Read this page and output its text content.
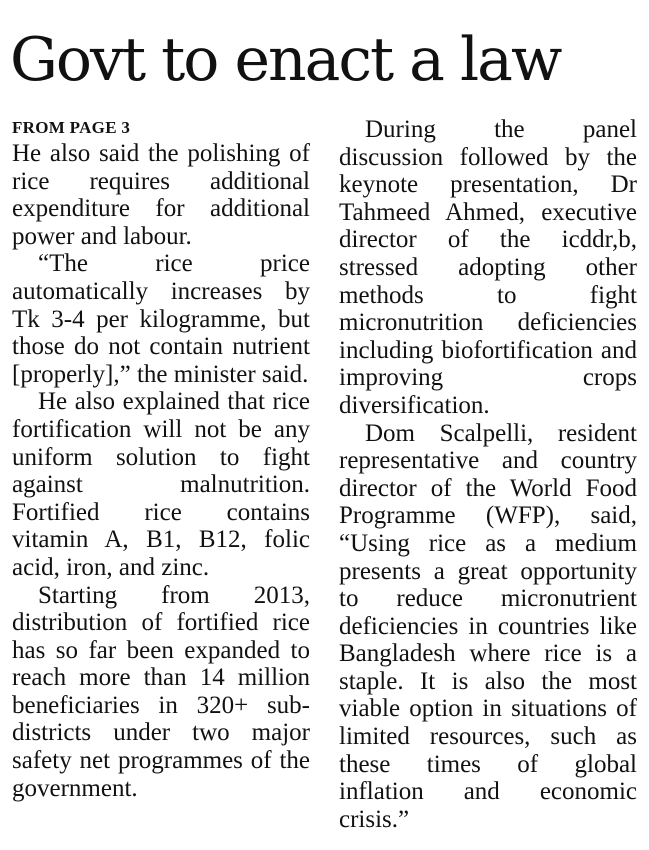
Govt to enact a law
FROM PAGE 3

He also said the polishing of rice requires additional expenditure for additional power and labour.

“The rice price automatically increases by Tk 3-4 per kilogramme, but those do not contain nutrient [properly],” the minister said.

He also explained that rice fortification will not be any uniform solution to fight against malnutrition. Fortified rice contains vitamin A, B1, B12, folic acid, iron, and zinc.

Starting from 2013, distribution of fortified rice has so far been expanded to reach more than 14 million beneficiaries in 320+ sub-districts under two major safety net programmes of the government.

During the panel discussion followed by the keynote presentation, Dr Tahmeed Ahmed, executive director of the icddr,b, stressed adopting other methods to fight micronutrition deficiencies including biofortification and improving crops diversification.

Dom Scalpelli, resident representative and country director of the World Food Programme (WFP), said, “Using rice as a medium presents a great opportunity to reduce micronutrient deficiencies in countries like Bangladesh where rice is a staple. It is also the most viable option in situations of limited resources, such as these times of global inflation and economic crisis.”
